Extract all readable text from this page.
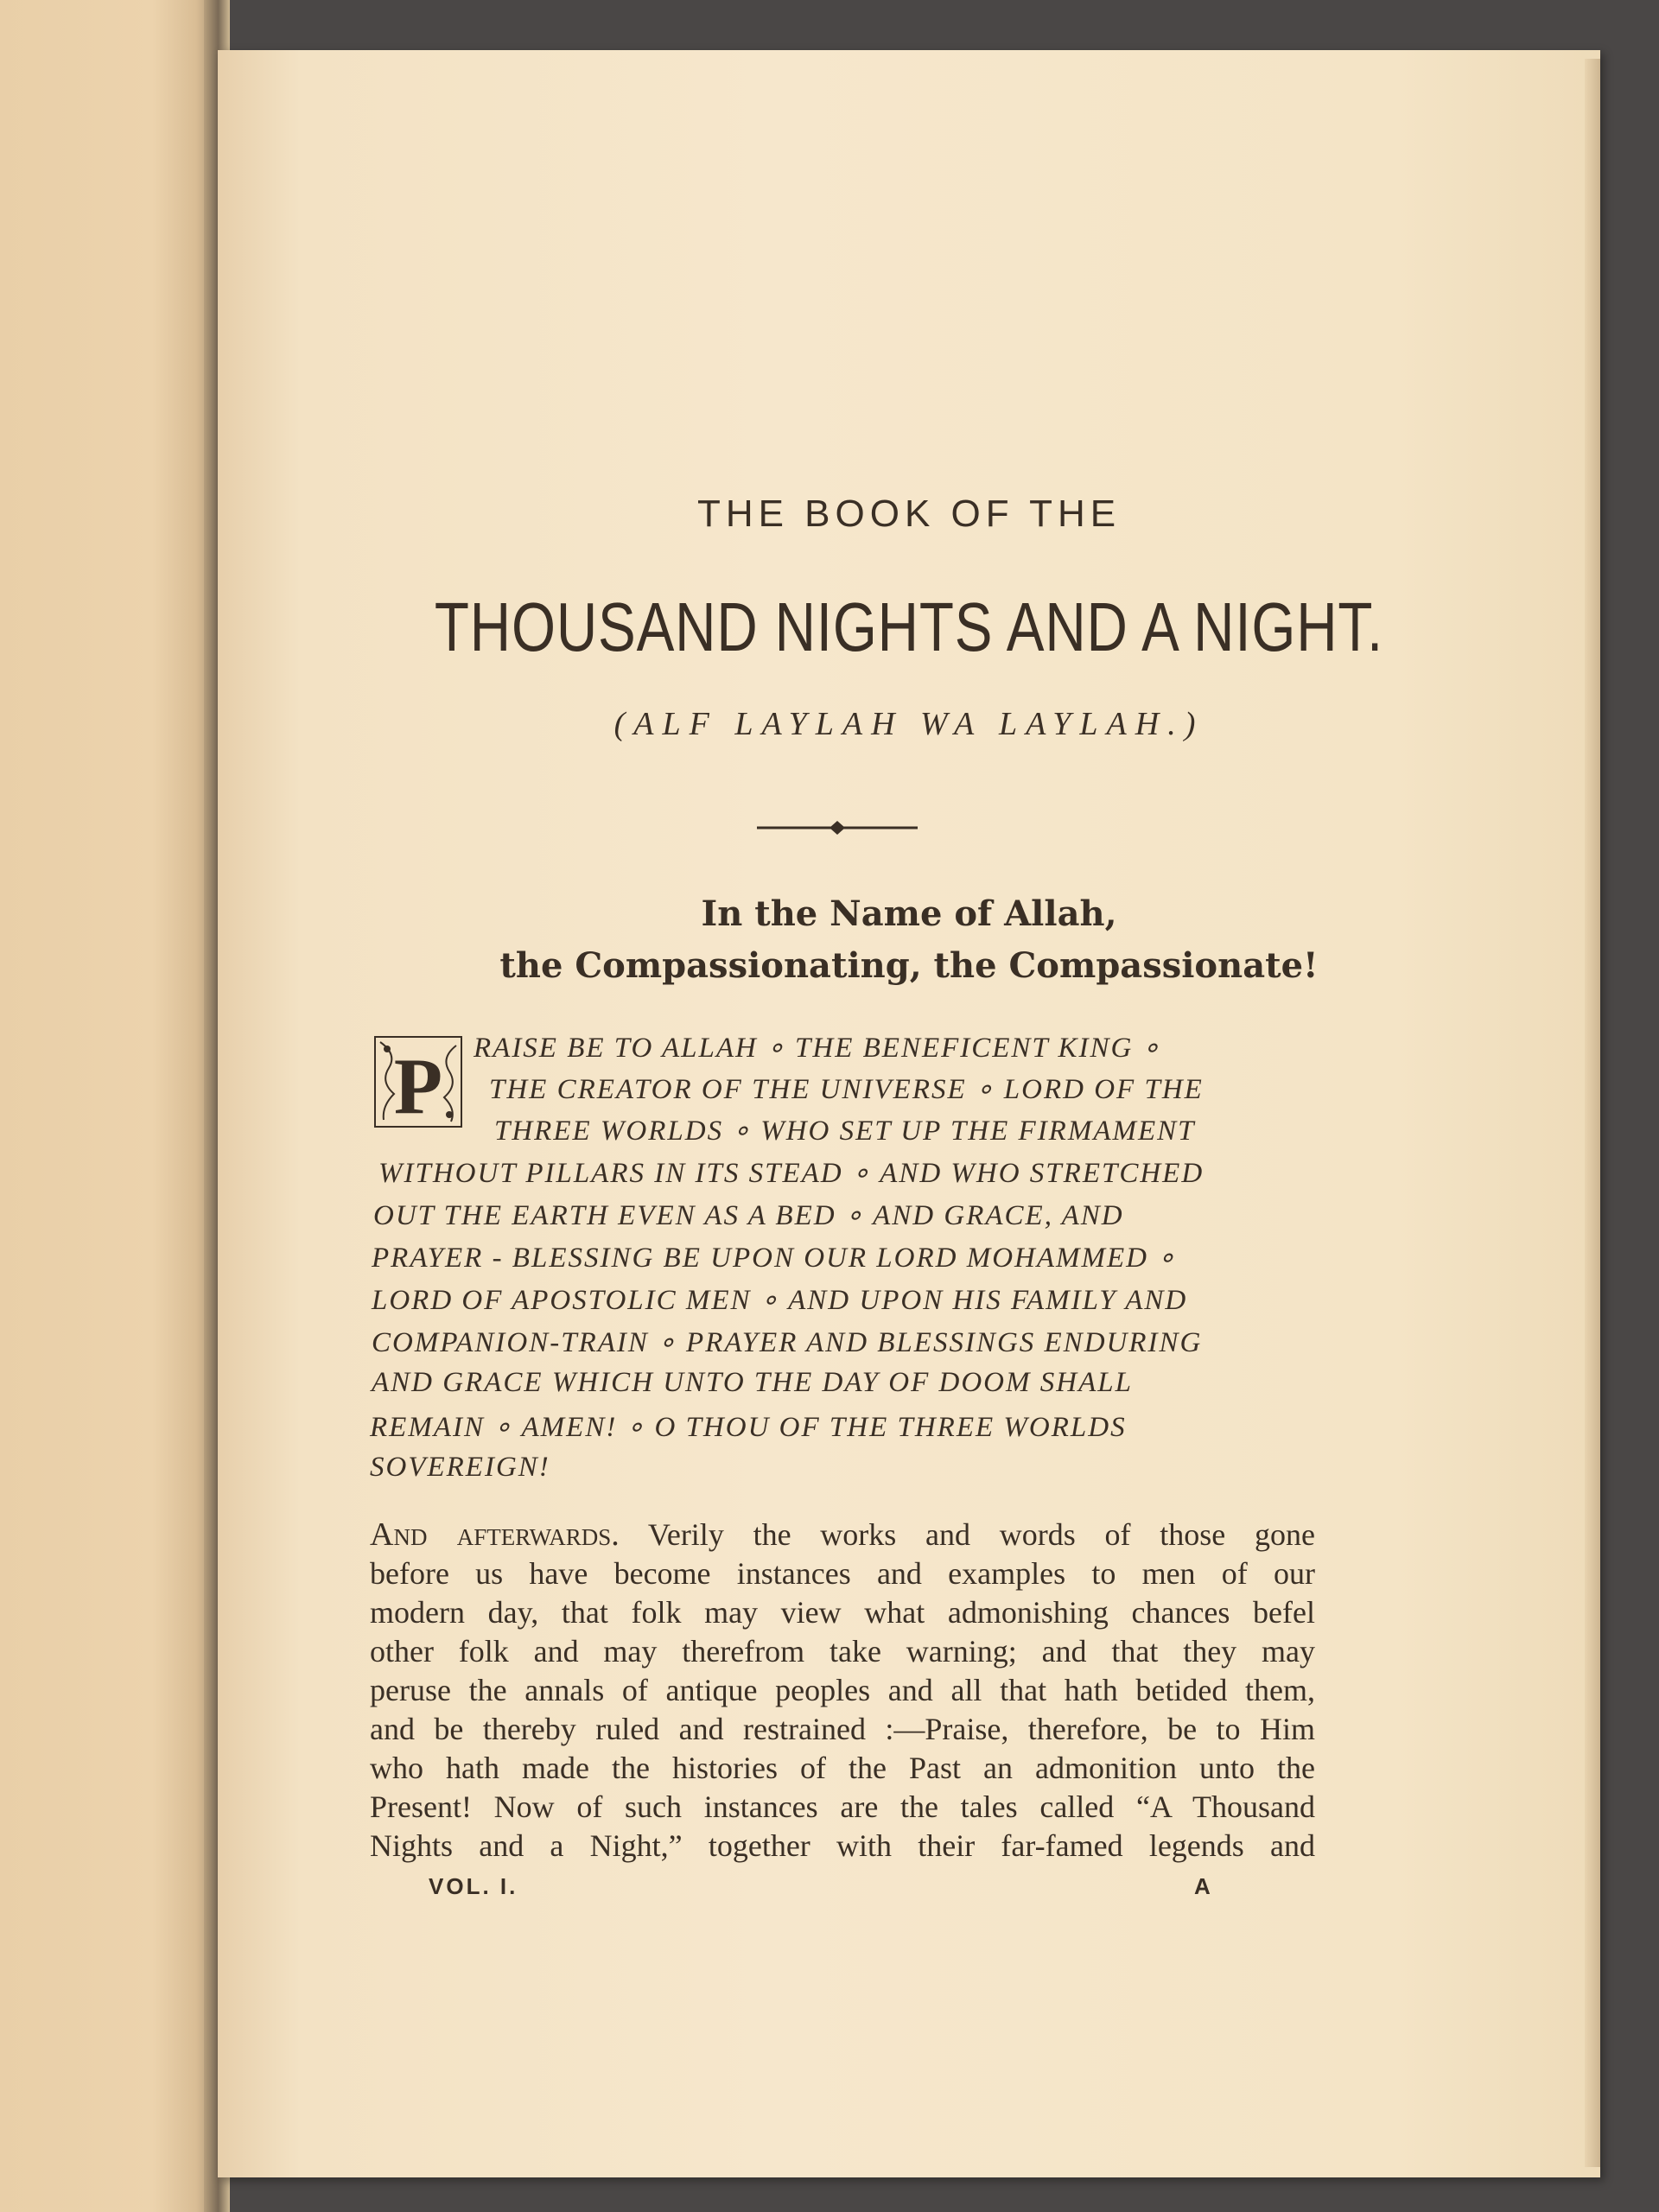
THE BOOK OF THE
THOUSAND NIGHTS AND A NIGHT.
(ALF LAYLAH WA LAYLAH.)
In the Name of Allah,
the Compassionating, the Compassionate!
P RAISE BE TO ALLAH ∘ THE BENEFICENT KING ∘
THE CREATOR OF THE UNIVERSE ∘ LORD OF THE
THREE WORLDS ∘ WHO SET UP THE FIRMAMENT
WITHOUT PILLARS IN ITS STEAD ∘ AND WHO STRETCHED
OUT THE EARTH EVEN AS A BED ∘ AND GRACE, AND
PRAYER - BLESSING BE UPON OUR LORD MOHAMMED ∘
LORD OF APOSTOLIC MEN ∘ AND UPON HIS FAMILY AND
COMPANION-TRAIN ∘ PRAYER AND BLESSINGS ENDURING
AND GRACE WHICH UNTO THE DAY OF DOOM SHALL
REMAIN ∘ AMEN! ∘ O THOU OF THE THREE WORLDS
SOVEREIGN!
And afterwards. Verily the works and words of those gone
before us have become instances and examples to men of our
modern day, that folk may view what admonishing chances befel
other folk and may therefrom take warning; and that they may
peruse the annals of antique peoples and all that hath betided them,
and be thereby ruled and restrained :—Praise, therefore, be to Him
who hath made the histories of the Past an admonition unto the
Present! Now of such instances are the tales called “A Thousand
Nights and a Night,” together with their far-famed legends and
VOL. I.	A
